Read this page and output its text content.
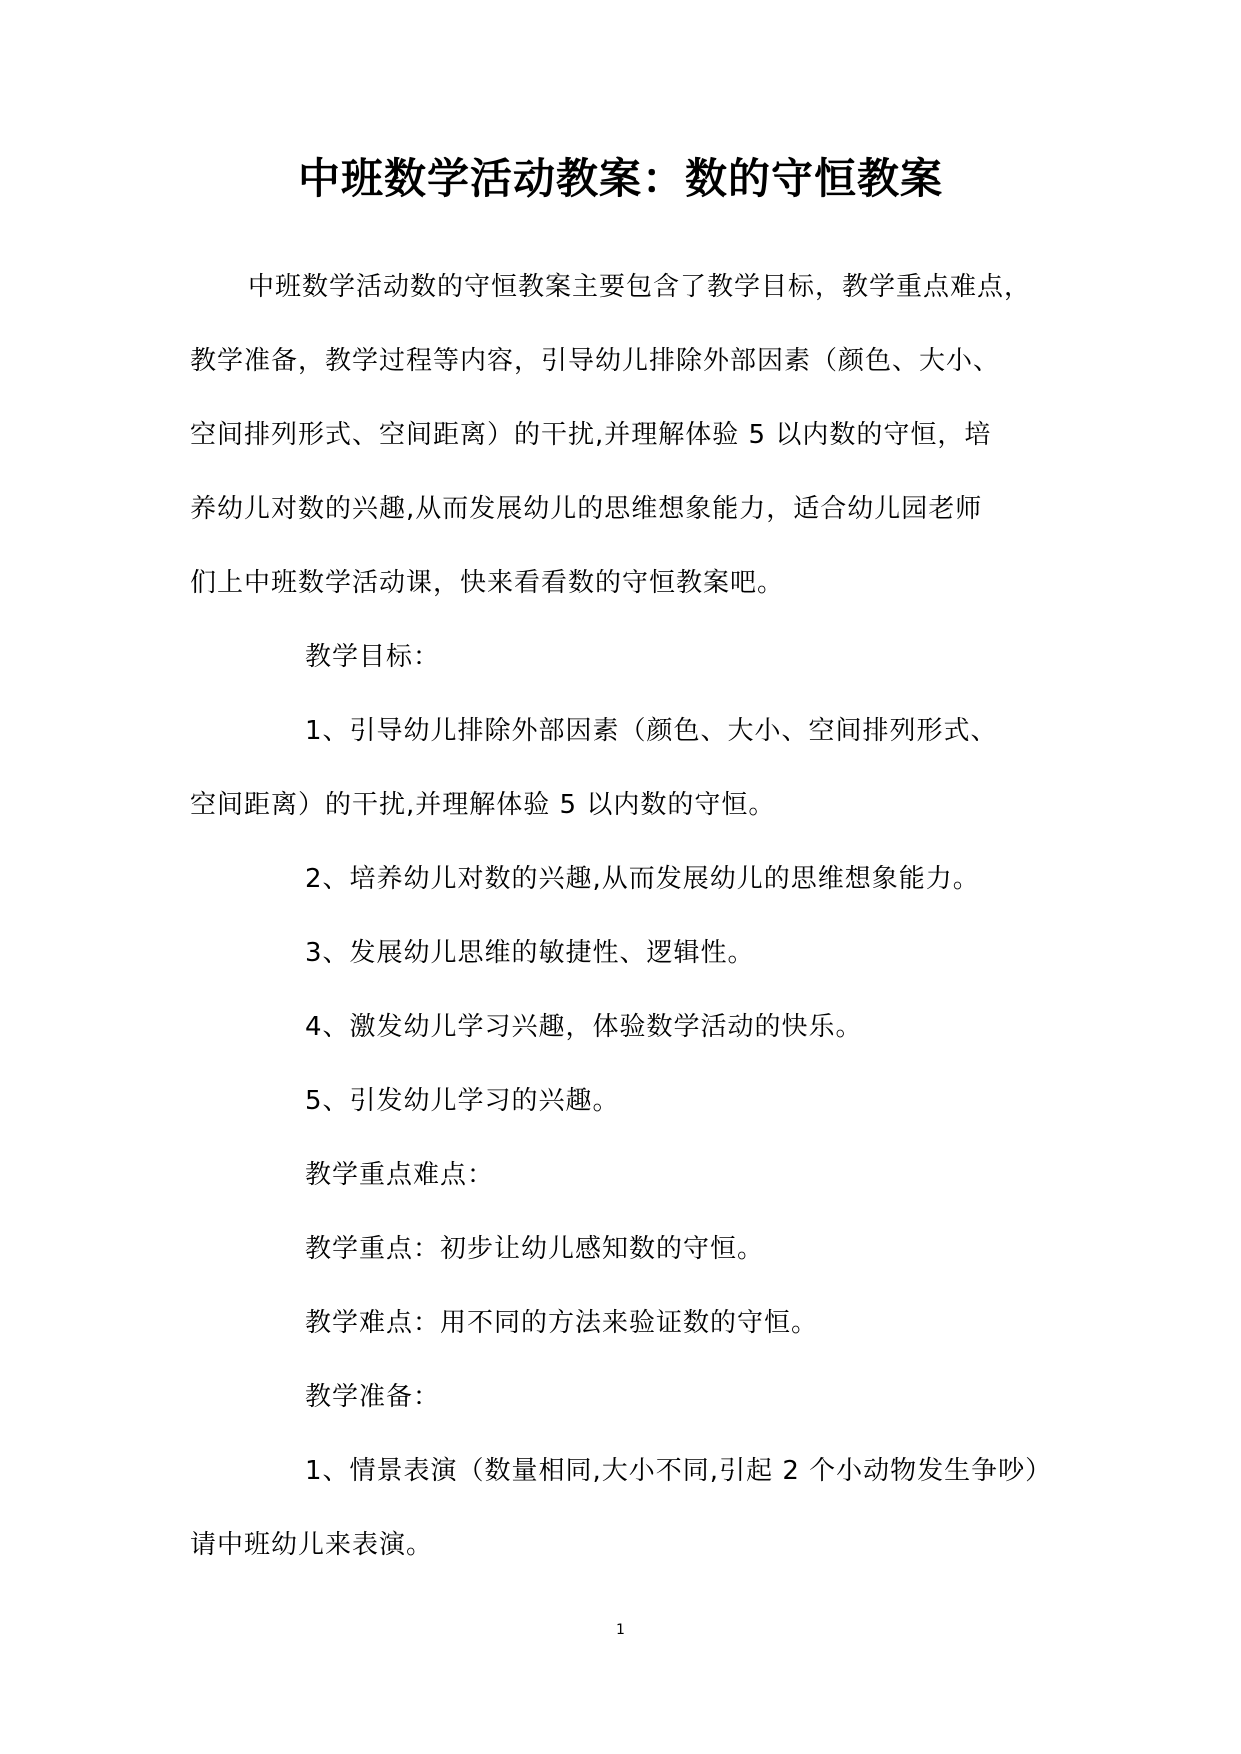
中班数学活动教案：数的守恒教案
中班数学活动数的守恒教案主要包含了教学目标，教学重点难点，
教学准备，教学过程等内容，引导幼儿排除外部因素（颜色、大小、
空间排列形式、空间距离）的干扰,并理解体验 5 以内数的守恒，培
养幼儿对数的兴趣,从而发展幼儿的思维想象能力，适合幼儿园老师
们上中班数学活动课，快来看看数的守恒教案吧。
教学目标：
1、引导幼儿排除外部因素（颜色、大小、空间排列形式、
空间距离）的干扰,并理解体验 5 以内数的守恒。
2、培养幼儿对数的兴趣,从而发展幼儿的思维想象能力。
3、发展幼儿思维的敏捷性、逻辑性。
4、激发幼儿学习兴趣，体验数学活动的快乐。
5、引发幼儿学习的兴趣。
教学重点难点：
教学重点：初步让幼儿感知数的守恒。
教学难点：用不同的方法来验证数的守恒。
教学准备：
1、情景表演（数量相同,大小不同,引起 2 个小动物发生争吵）
请中班幼儿来表演。
1
